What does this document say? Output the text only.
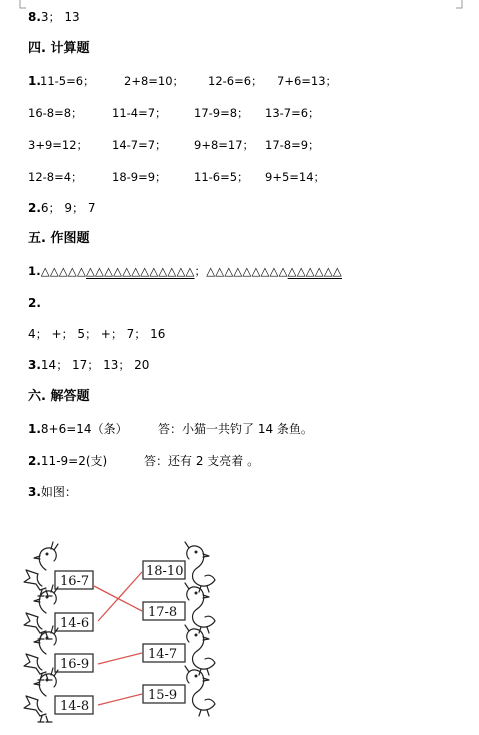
8.3； 13
四. 计算题
1. 11-5=6；	2+8=10； 12-6=6； 7+6=13；
16-8=8；	11-4=7； 17-9=8； 13-7=6；
3+9=12； 14-7=7； 9+8=17； 17-8=9；
12-8=4；	18-9=9； 11-6=5； 9+5=14；
2.6； 9； 7
五. 作图题
1.△△△△△△△△△△△△△△△△△；△△△△△△△△△△△△△△△
2.
4； +； 5； +； 7； 16
3.14； 17； 13； 20
六. 解答题
1.8+6=14（条）	答：小猫一共钓了 14 条鱼。
2.11-9=2(支)	答：还有 2 支亮着 。
3.如图：
16-7
14-6
16-9
14-8
18-10
17-8
14-7
15-9
